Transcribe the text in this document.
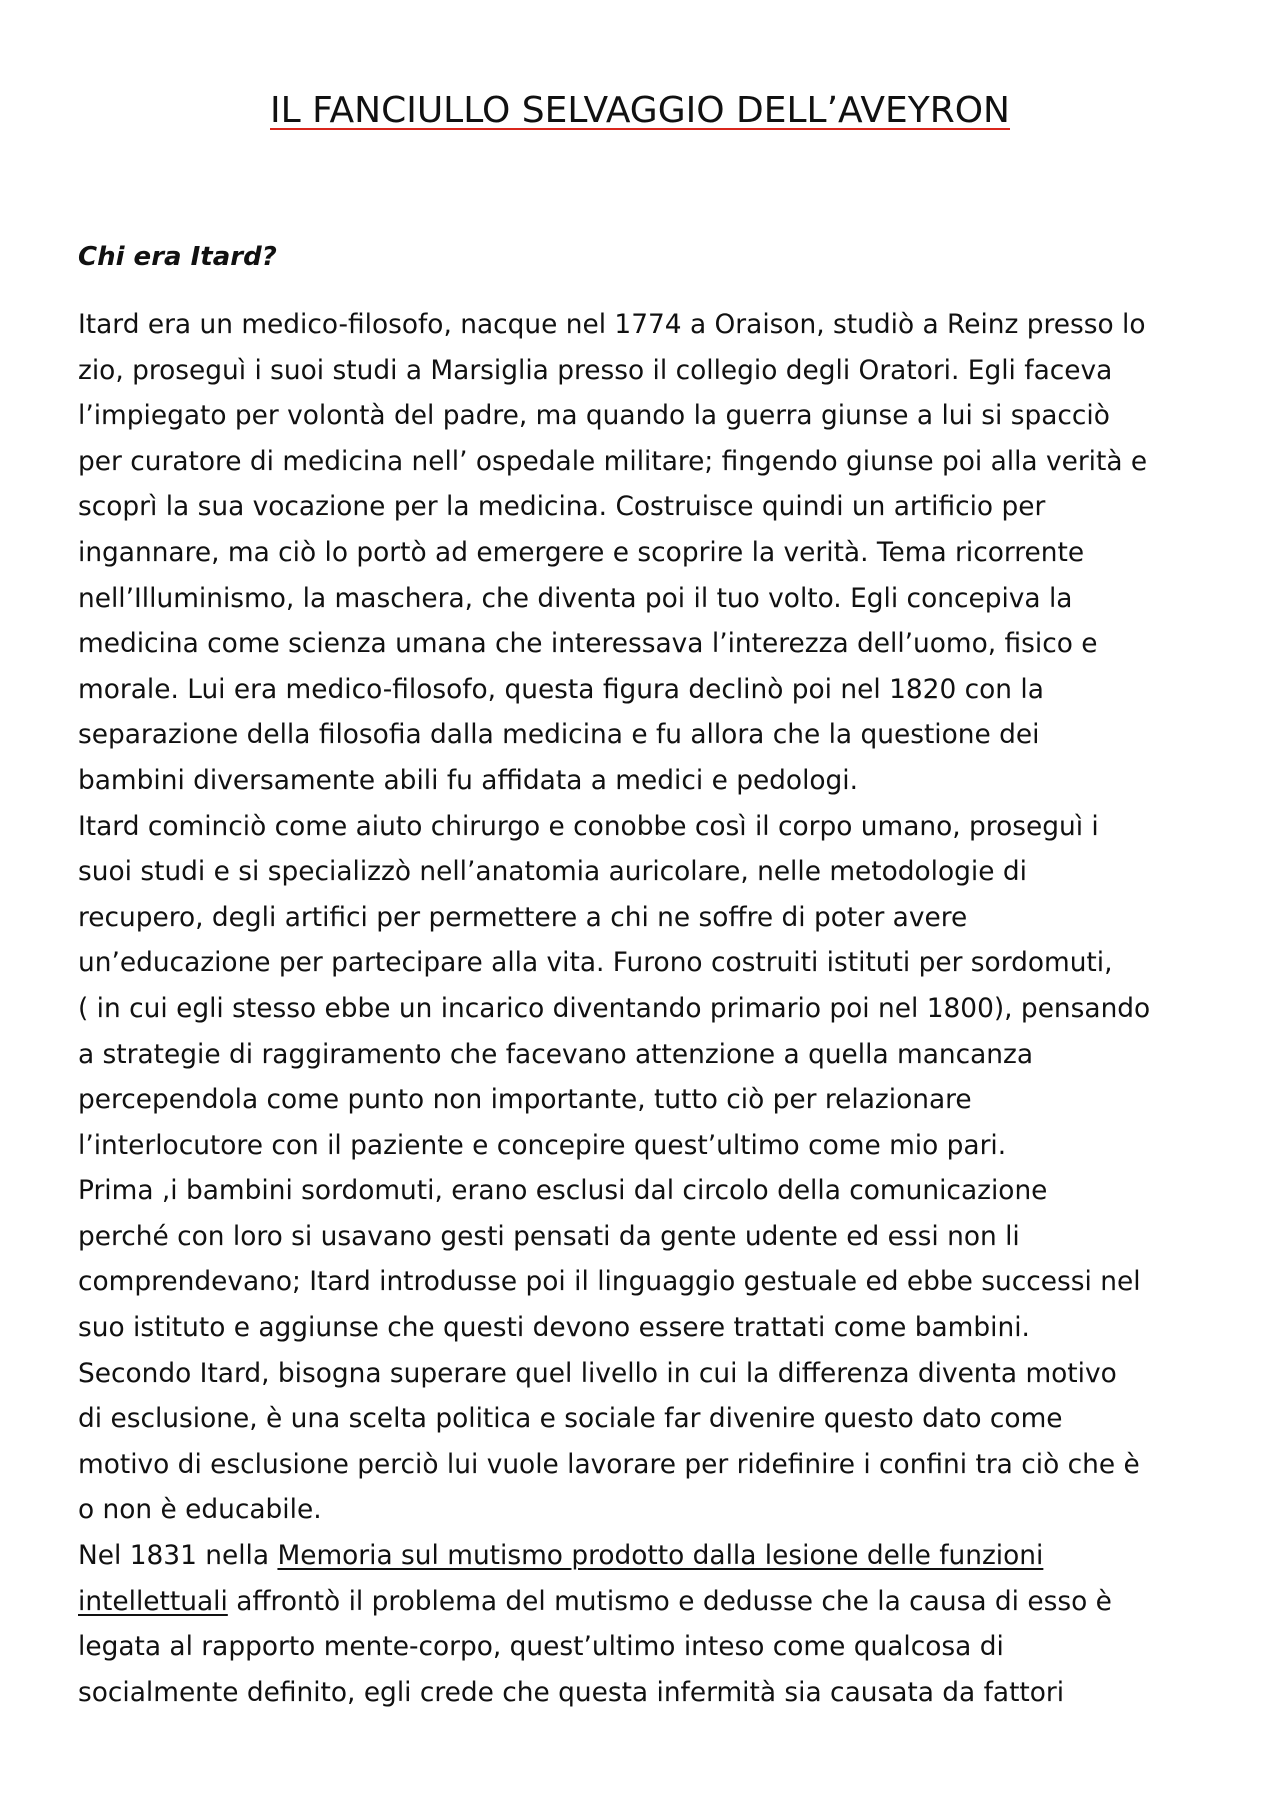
IL FANCIULLO SELVAGGIO DELL’AVEYRON
Chi era Itard?
Itard era un medico-filosofo, nacque nel 1774 a Oraison, studiò a Reinz presso lo
zio, proseguì i suoi studi a Marsiglia presso il collegio degli Oratori. Egli faceva
l’impiegato per volontà del padre, ma quando la guerra giunse a lui si spacciò
per curatore di medicina nell’ ospedale militare; fingendo giunse poi alla verità e
scoprì la sua vocazione per la medicina. Costruisce quindi un artificio per
ingannare, ma ciò lo portò ad emergere e scoprire la verità. Tema ricorrente
nell’Illuminismo, la maschera, che diventa poi il tuo volto. Egli concepiva la
medicina come scienza umana che interessava l’interezza dell’uomo, fisico e
morale. Lui era medico-filosofo, questa figura declinò poi nel 1820 con la
separazione della filosofia dalla medicina e fu allora che la questione dei
bambini diversamente abili fu affidata a medici e pedologi.
Itard cominciò come aiuto chirurgo e conobbe così il corpo umano, proseguì i
suoi studi e si specializzò nell’anatomia auricolare, nelle metodologie di
recupero, degli artifici per permettere a chi ne soffre di poter avere
un’educazione per partecipare alla vita. Furono costruiti istituti per sordomuti,
( in cui egli stesso ebbe un incarico diventando primario poi nel 1800), pensando
a strategie di raggiramento che facevano attenzione a quella mancanza
percependola come punto non importante, tutto ciò per relazionare
l’interlocutore con il paziente e concepire quest’ultimo come mio pari.
Prima ,i bambini sordomuti, erano esclusi dal circolo della comunicazione
perché con loro si usavano gesti pensati da gente udente ed essi non li
comprendevano; Itard introdusse poi il linguaggio gestuale ed ebbe successi nel
suo istituto e aggiunse che questi devono essere trattati come bambini.
Secondo Itard, bisogna superare quel livello in cui la differenza diventa motivo
di esclusione, è una scelta politica e sociale far divenire questo dato come
motivo di esclusione perciò lui vuole lavorare per ridefinire i confini tra ciò che è
o non è educabile.
Nel 1831 nella Memoria sul mutismo prodotto dalla lesione delle funzioni
intellettuali affrontò il problema del mutismo e dedusse che la causa di esso è
legata al rapporto mente-corpo, quest’ultimo inteso come qualcosa di
socialmente definito, egli crede che questa infermità sia causata da fattori
